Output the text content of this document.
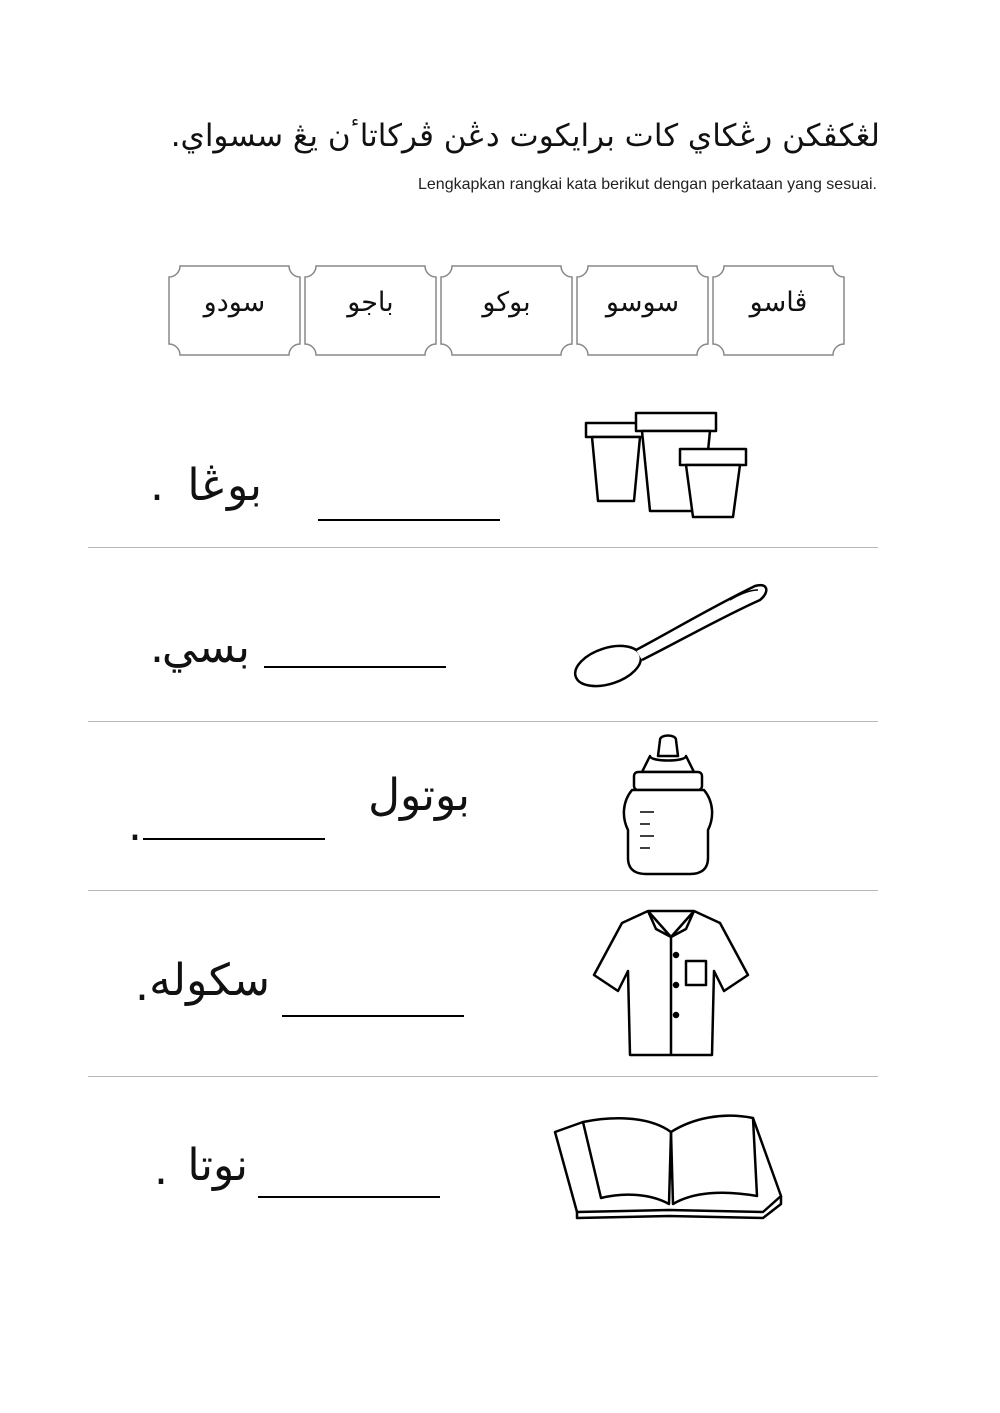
لڠكڤكن رڠكاي كات برايكوت دڠن ڤركاتاٴن يڠ سسواي.
Lengkapkan rangkai kata berikut dengan perkataan yang sesuai.
ڤاسو
سوسو
بوكو
باجو
سودو
بوڠا
.
بسي
.
بوتول
.
سكوله
.
نوتا
.
